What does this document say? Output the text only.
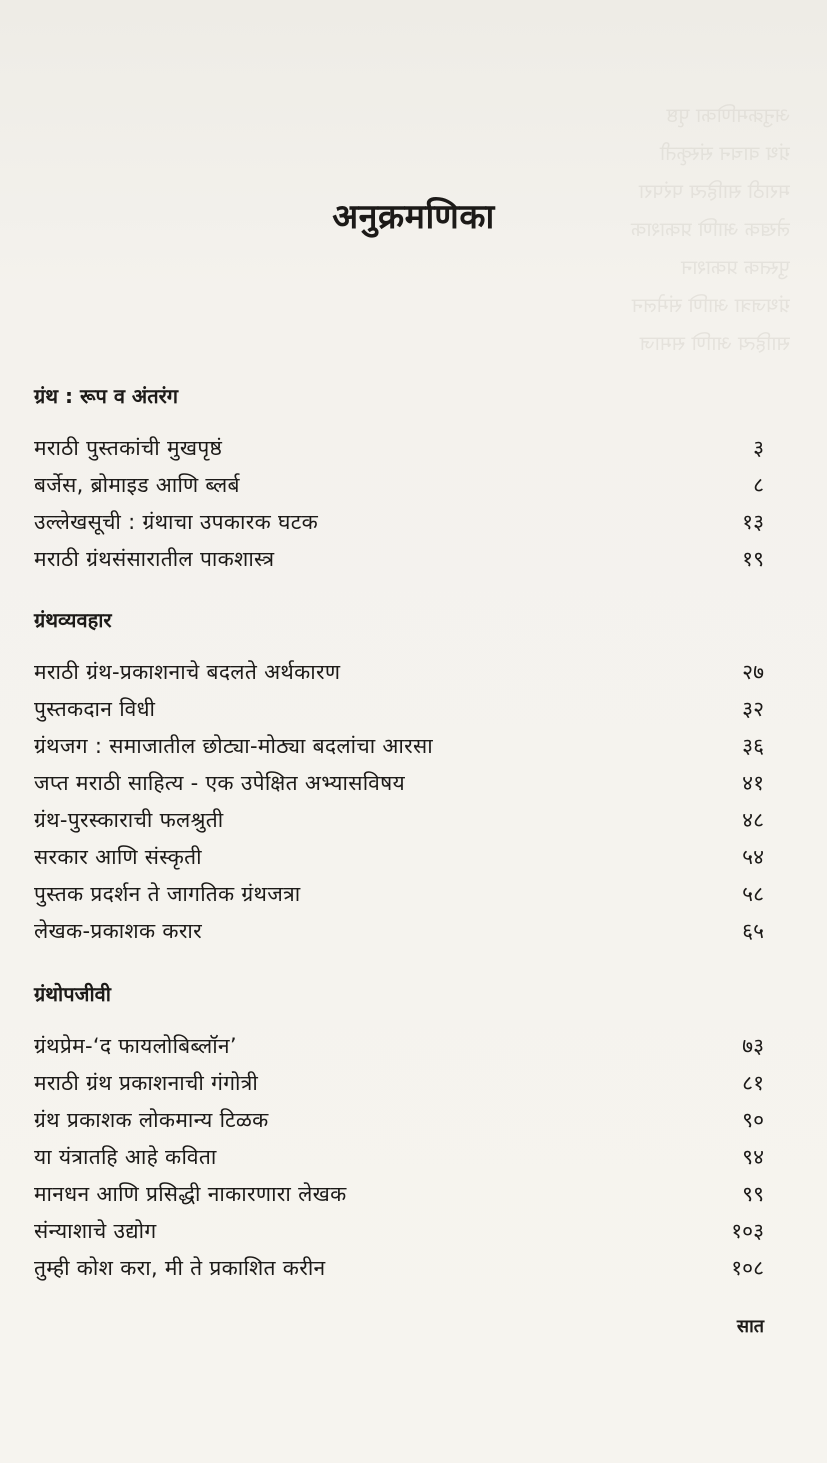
अनुक्रमणिका पृष्ठ
ग्रंथ वाचन संस्कृती
मराठी साहित्य परंपरा
लेखक आणि प्रकाशक
पुस्तक प्रकाशन
ग्रंथजत्रा आणि संमेलन
साहित्य आणि समाज
अनुक्रमणिका
ग्रंथ : रूप व अंतरंग
मराठी पुस्तकांची मुखपृष्ठं	३
बर्जेस, ब्रोमाइड आणि ब्लर्ब	८
उल्लेखसूची : ग्रंथाचा उपकारक घटक	१३
मराठी ग्रंथसंसारातील पाकशास्त्र	१९
ग्रंथव्यवहार
मराठी ग्रंथ-प्रकाशनाचे बदलते अर्थकारण	२७
पुस्तकदान विधी	३२
ग्रंथजग : समाजातील छोट्या-मोठ्या बदलांचा आरसा	३६
जप्त मराठी साहित्य - एक उपेक्षित अभ्यासविषय	४१
ग्रंथ-पुरस्काराची फलश्रुती	४८
सरकार आणि संस्कृती	५४
पुस्तक प्रदर्शन ते जागतिक ग्रंथजत्रा	५८
लेखक-प्रकाशक करार	६५
ग्रंथोपजीवी
ग्रंथप्रेम-‘द फायलोबिब्लॉन’	७३
मराठी ग्रंथ प्रकाशनाची गंगोत्री	८१
ग्रंथ प्रकाशक लोकमान्य टिळक	९०
या यंत्रातहि आहे कविता	९४
मानधन आणि प्रसिद्धी नाकारणारा लेखक	९९
संन्याशाचे उद्योग	१०३
तुम्ही कोश करा, मी ते प्रकाशित करीन	१०८
सात
